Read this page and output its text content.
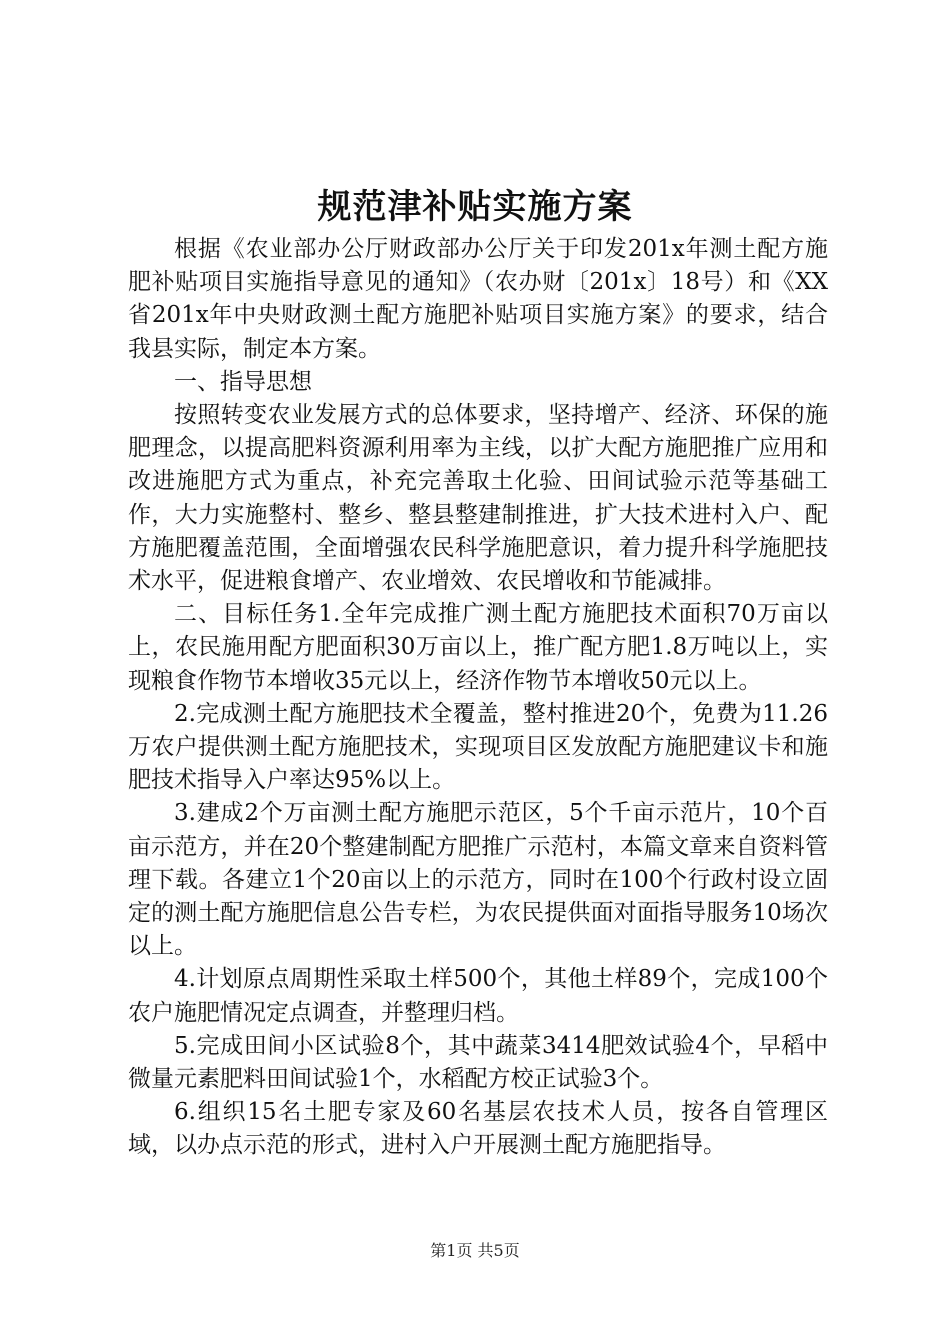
规范津补贴实施方案

根据《农业部办公厅财政部办公厅关于印发201x年测土配方施肥补贴项目实施指导意见的通知》（农办财〔201x〕18号）和《XX省201x年中央财政测土配方施肥补贴项目实施方案》的要求，结合我县实际，制定本方案。

一、指导思想

按照转变农业发展方式的总体要求，坚持增产、经济、环保的施肥理念，以提高肥料资源利用率为主线，以扩大配方施肥推广应用和改进施肥方式为重点，补充完善取土化验、田间试验示范等基础工作，大力实施整村、整乡、整县整建制推进，扩大技术进村入户、配方施肥覆盖范围，全面增强农民科学施肥意识，着力提升科学施肥技术水平，促进粮食增产、农业增效、农民增收和节能减排。

二、目标任务1.全年完成推广测土配方施肥技术面积70万亩以上，农民施用配方肥面积30万亩以上，推广配方肥1.8万吨以上，实现粮食作物节本增收35元以上，经济作物节本增收50元以上。

2.完成测土配方施肥技术全覆盖，整村推进20个，免费为11.26万农户提供测土配方施肥技术，实现项目区发放配方施肥建议卡和施肥技术指导入户率达95%以上。

3.建成2个万亩测土配方施肥示范区，5个千亩示范片，10个百亩示范方，并在20个整建制配方肥推广示范村，本篇文章来自资料管理下载。各建立1个20亩以上的示范方，同时在100个行政村设立固定的测土配方施肥信息公告专栏，为农民提供面对面指导服务10场次以上。

4.计划原点周期性采取土样500个，其他土样89个，完成100个农户施肥情况定点调查，并整理归档。

5.完成田间小区试验8个，其中蔬菜3414肥效试验4个，早稻中微量元素肥料田间试验1个，水稻配方校正试验3个。

6.组织15名土肥专家及60名基层农技术人员，按各自管理区域，以办点示范的形式，进村入户开展测土配方施肥指导。

第1页 共5页
